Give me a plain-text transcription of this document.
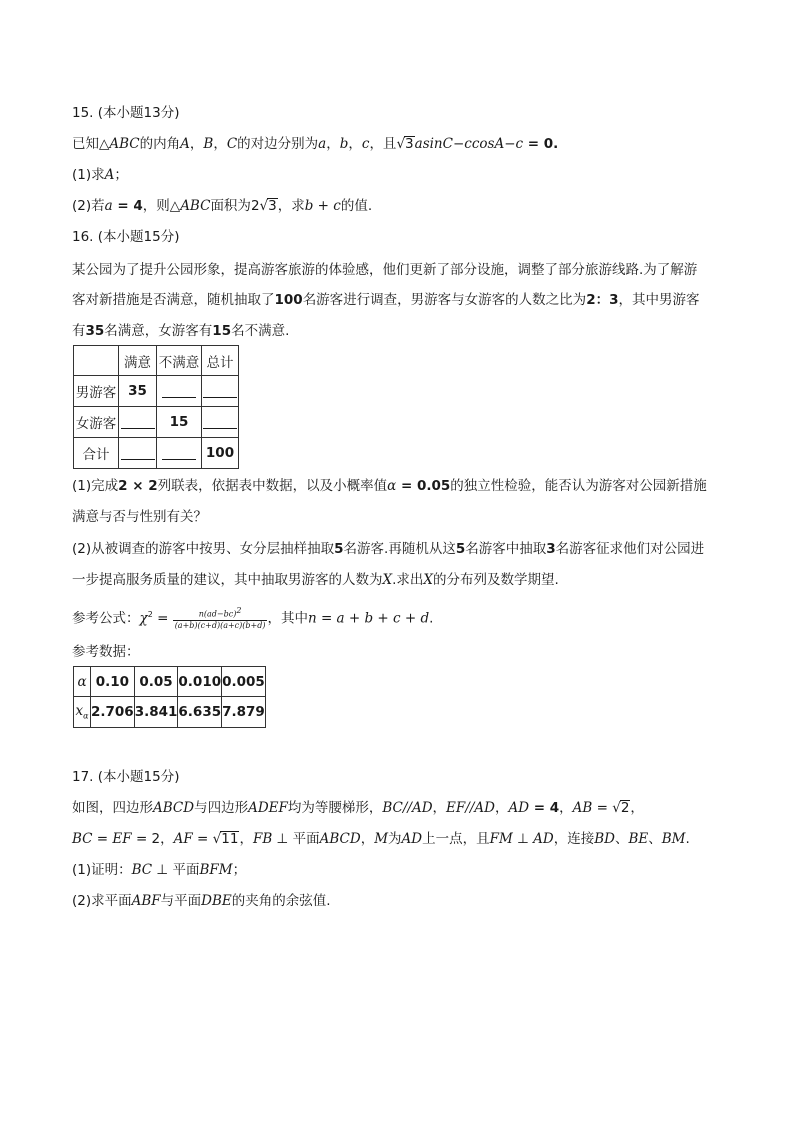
15. (本小题13分)
已知△ABC的内角A，B，C的对边分别为a，b，c，且√3asinC−ccosA−c = 0.
(1)求A；
(2)若a = 4，则△ABC面积为2√3，求b + c的值.
16. (本小题15分)
某公园为了提升公园形象，提高游客旅游的体验感，他们更新了部分设施，调整了部分旅游线路.为了解游
客对新措施是否满意，随机抽取了100名游客进行调查，男游客与女游客的人数之比为2：3，其中男游客
有35名满意，女游客有15名不满意.
	满意	不满意	总计
男游客	35		
女游客		15	
合计			100
(1)完成2 × 2列联表，依据表中数据，以及小概率值α = 0.05的独立性检验，能否认为游客对公园新措施
满意与否与性别有关？
(2)从被调查的游客中按男、女分层抽样抽取5名游客.再随机从这5名游客中抽取3名游客征求他们对公园进
一步提高服务质量的建议，其中抽取男游客的人数为X.求出X的分布列及数学期望.
参考公式：$\chi^2 = \frac{n(ad-bc)^2}{(a+b)(c+d)(a+c)(b+d)}$ ，其中n = a + b + c + d.
参考数据：
α	0.10	0.05	0.010	0.005
$x_\alpha$	2.706	3.841	6.635	7.879
17. (本小题15分)
如图，四边形ABCD与四边形ADEF均为等腰梯形，BC//AD，EF//AD，AD = 4，AB = √2，
BC = EF = 2，AF = √11，FB ⊥ 平面ABCD，M为AD上一点，且FM ⊥ AD，连接BD、BE、BM.
(1)证明：BC ⊥ 平面BFM；
(2)求平面ABF与平面DBE的夹角的余弦值.
